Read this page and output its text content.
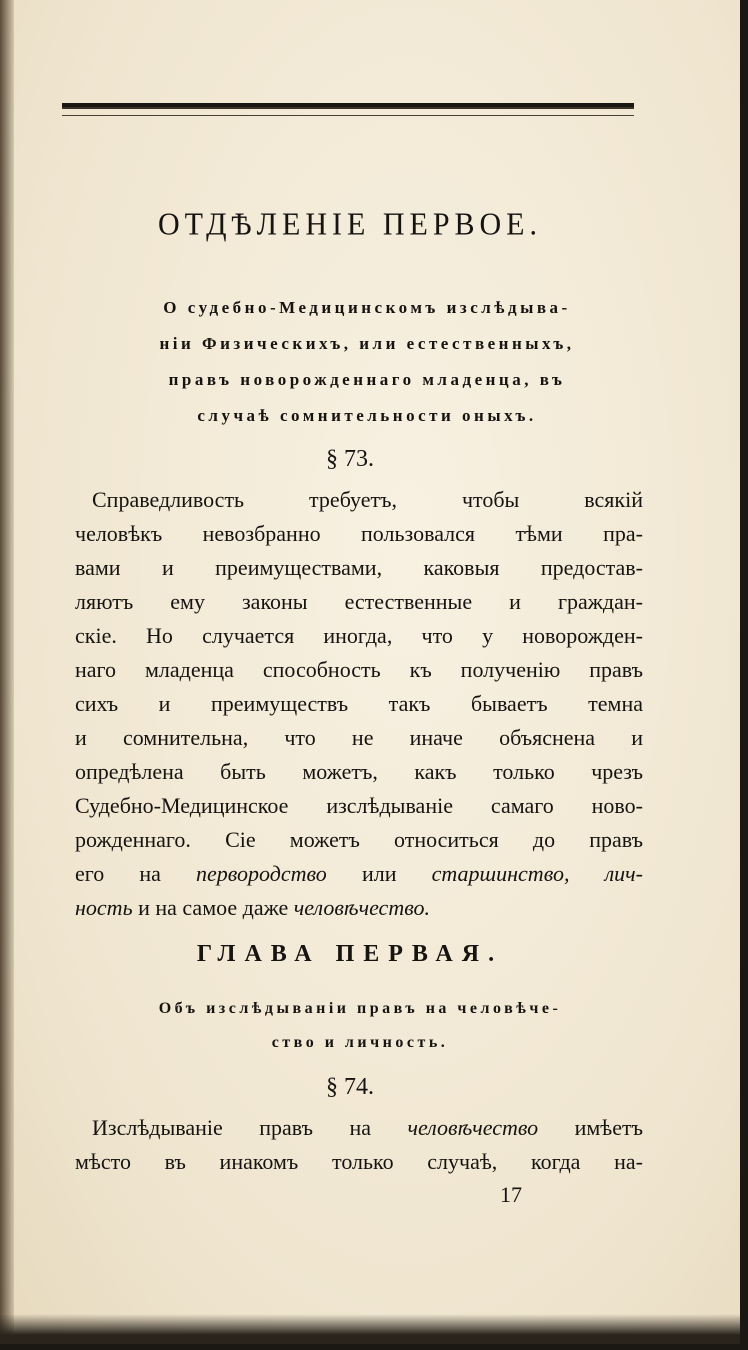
ОТДѢЛЕНІЕ ПЕРВОЕ.
О судебно-Медицинскомъ изслѣдыва-
ніи Физическихъ, или естественныхъ,
правъ новорожденнаго младенца, въ
случаѣ сомнительности оныхъ.
§ 73.
Справедливость требуетъ, чтобы всякій
человѣкъ невозбранно пользовался тѣми пра-
вами и преимуществами, каковыя предостав-
ляютъ ему законы естественные и граждан-
скіе. Но случается иногда, что у новорожден-
наго младенца способность къ полученію правъ
сихъ и преимуществъ такъ бываетъ темна
и сомнительна, что не иначе объяснена и
опредѣлена быть можетъ, какъ только чрезъ
Судебно-Медицинское изслѣдываніе самаго ново-
рожденнаго. Сіе можетъ относиться до правъ
его на первородство или старшинство, лич-
ность и на самое даже человѣчество.
ГЛАВА ПЕРВАЯ.
Объ изслѣдываніи правъ на человѣче-
ство и личность.
§ 74.
Изслѣдываніе правъ на человѣчество имѣетъ
мѣсто въ инакомъ только случаѣ, когда на-
17
